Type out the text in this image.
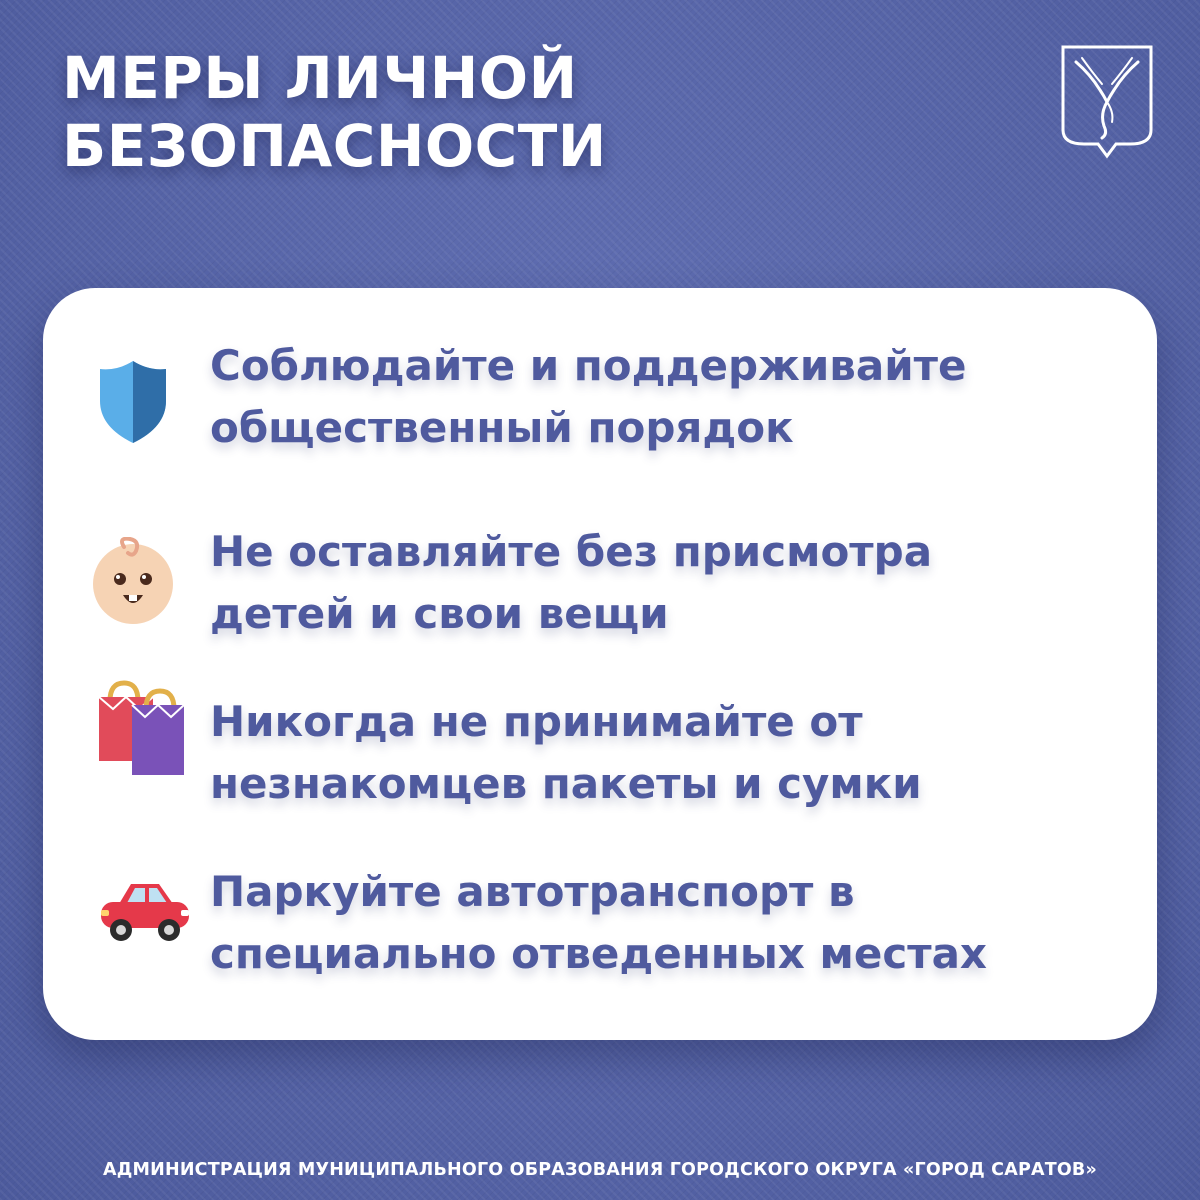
МЕРЫ ЛИЧНОЙ
БЕЗОПАСНОСТИ

Соблюдайте и поддерживайте
общественный порядок

Не оставляйте без присмотра
детей и свои вещи

Никогда не принимайте от
незнакомцев пакеты и сумки

Паркуйте автотранспорт в
специально отведенных местах

АДМИНИСТРАЦИЯ МУНИЦИПАЛЬНОГО ОБРАЗОВАНИЯ ГОРОДСКОГО ОКРУГА «ГОРОД САРАТОВ»
